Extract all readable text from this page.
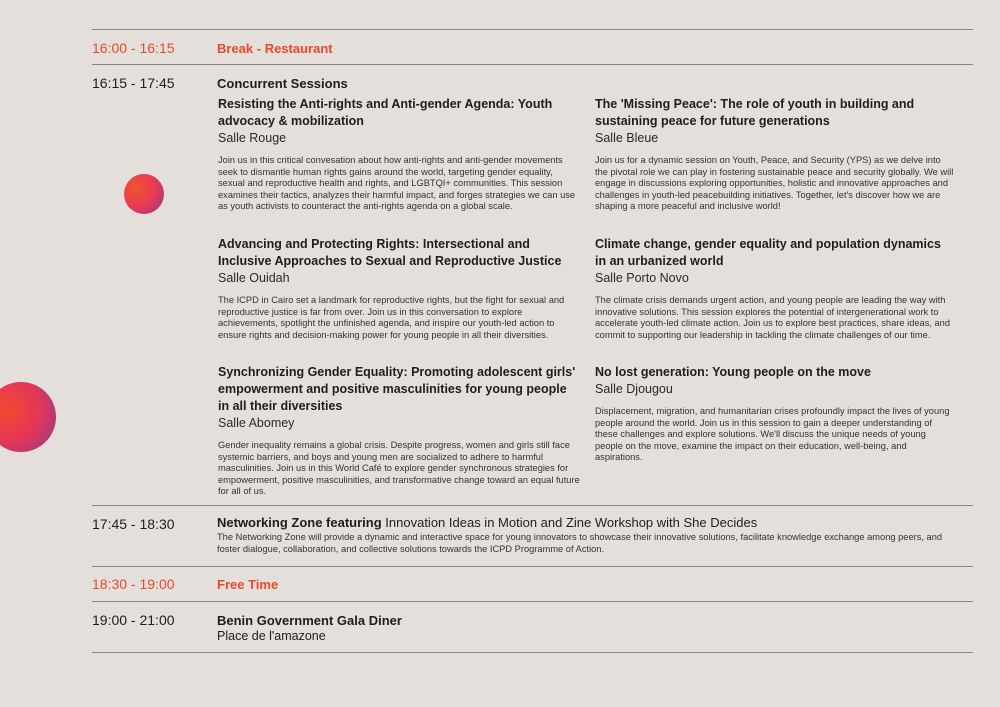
16:00 - 16:15	Break - Restaurant
16:15 - 17:45	Concurrent Sessions
Resisting the Anti-rights and Anti-gender Agenda: Youth advocacy & mobilization
Salle Rouge
Join us in this critical convesation about how anti-rights and anti-gender movements seek to dismantle human rights gains around the world, targeting gender equality, sexual and reproductive health and rights, and LGBTQI+ communities. This session examines their tactics, analyzes their harmful impact, and forges strategies we can use as youth activists to counteract the anti-rights agenda on a global scale.
The 'Missing Peace': The role of youth in building and sustaining peace for future generations
Salle Bleue
Join us for a dynamic session on Youth, Peace, and Security (YPS) as we delve into the pivotal role we can play in fostering sustainable peace and security globally. We will engage in discussions exploring opportunities, holistic and innovative approaches and challenges in youth-led peacebuilding initiatives. Together, let's discover how we are shaping a more peaceful and inclusive world!
Advancing and Protecting Rights: Intersectional and Inclusive Approaches to Sexual and Reproductive Justice
Salle Ouidah
The ICPD in Cairo set a landmark for reproductive rights, but the fight for sexual and reproductive justice is far from over. Join us in this conversation to explore achievements, spotlight the unfinished agenda, and inspire our youth-led action to ensure rights and decision-making power for young people in all their diversities.
Climate change, gender equality and population dynamics in an urbanized world
Salle Porto Novo
The climate crisis demands urgent action, and young people are leading the way with innovative solutions. This session explores the potential of intergenerational work to accelerate youth-led climate action. Join us to explore best practices, share ideas, and commit to supporting our leadership in tackling the climate challenges of our time.
Synchronizing Gender Equality: Promoting adolescent girls' empowerment and positive masculinities for young people in all their diversities
Salle Abomey
Gender inequality remains a global crisis. Despite progress, women and girls still face systemic barriers, and boys and young men are socialized to adhere to harmful masculinities. Join us in this World Café to explore gender synchronous strategies for empowerment, positive masculinities, and transformative change toward an equal future for all of us.
No lost generation: Young people on the move
Salle Djougou
Displacement, migration, and humanitarian crises profoundly impact the lives of young people around the world. Join us in this session to gain a deeper understanding of these challenges and explore solutions. We'll discuss the unique needs of young people on the move, examine the impact on their education, well-being, and aspirations.
17:45 - 18:30	Networking Zone featuring Innovation Ideas in Motion and Zine Workshop with She Decides
The Networking Zone will provide a dynamic and interactive space for young innovators to showcase their innovative solutions, facilitate knowledge exchange among peers, and foster dialogue, collaboration, and collective solutions towards the ICPD Programme of Action.
18:30 - 19:00	Free Time
19:00 - 21:00	Benin Government Gala Diner
Place de l'amazone
